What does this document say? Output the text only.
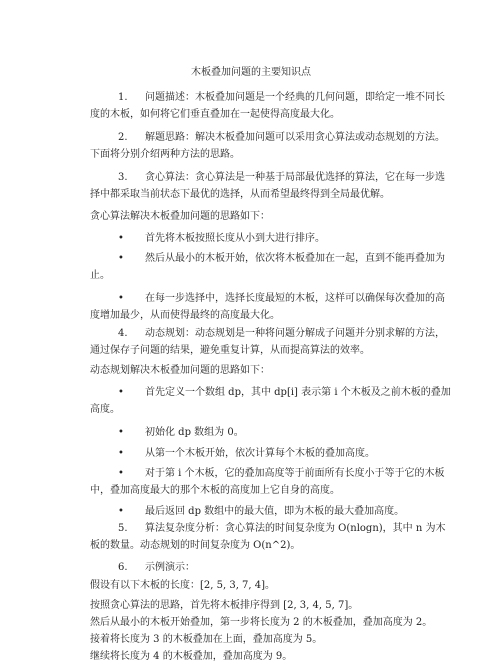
木板叠加问题的主要知识点
1. 问题描述：木板叠加问题是一个经典的几何问题，即给定一堆不同长
度的木板，如何将它们垂直叠加在一起使得高度最大化。
2. 解题思路：解决木板叠加问题可以采用贪心算法或动态规划的方法。
下面将分别介绍两种方法的思路。
3. 贪心算法：贪心算法是一种基于局部最优选择的算法，它在每一步选
择中都采取当前状态下最优的选择，从而希望最终得到全局最优解。
贪心算法解决木板叠加问题的思路如下：
• 首先将木板按照长度从小到大进行排序。
• 然后从最小的木板开始，依次将木板叠加在一起，直到不能再叠加为
止。
• 在每一步选择中，选择长度最短的木板，这样可以确保每次叠加的高
度增加最少，从而使得最终的高度最大化。
4. 动态规划：动态规划是一种将问题分解成子问题并分别求解的方法，
通过保存子问题的结果，避免重复计算，从而提高算法的效率。
动态规划解决木板叠加问题的思路如下：
• 首先定义一个数组 dp，其中 dp[i] 表示第 i 个木板及之前木板的叠加
高度。
• 初始化 dp 数组为 0。
• 从第一个木板开始，依次计算每个木板的叠加高度。
• 对于第 i 个木板，它的叠加高度等于前面所有长度小于等于它的木板
中，叠加高度最大的那个木板的高度加上它自身的高度。
• 最后返回 dp 数组中的最大值，即为木板的最大叠加高度。
5. 算法复杂度分析：贪心算法的时间复杂度为 O(nlogn)，其中 n 为木
板的数量。动态规划的时间复杂度为 O(n^2)。
6. 示例演示：
假设有以下木板的长度：[2, 5, 3, 7, 4]。
按照贪心算法的思路，首先将木板排序得到 [2, 3, 4, 5, 7]。
然后从最小的木板开始叠加，第一步将长度为 2 的木板叠加，叠加高度为 2。
接着将长度为 3 的木板叠加在上面，叠加高度为 5。
继续将长度为 4 的木板叠加，叠加高度为 9。
